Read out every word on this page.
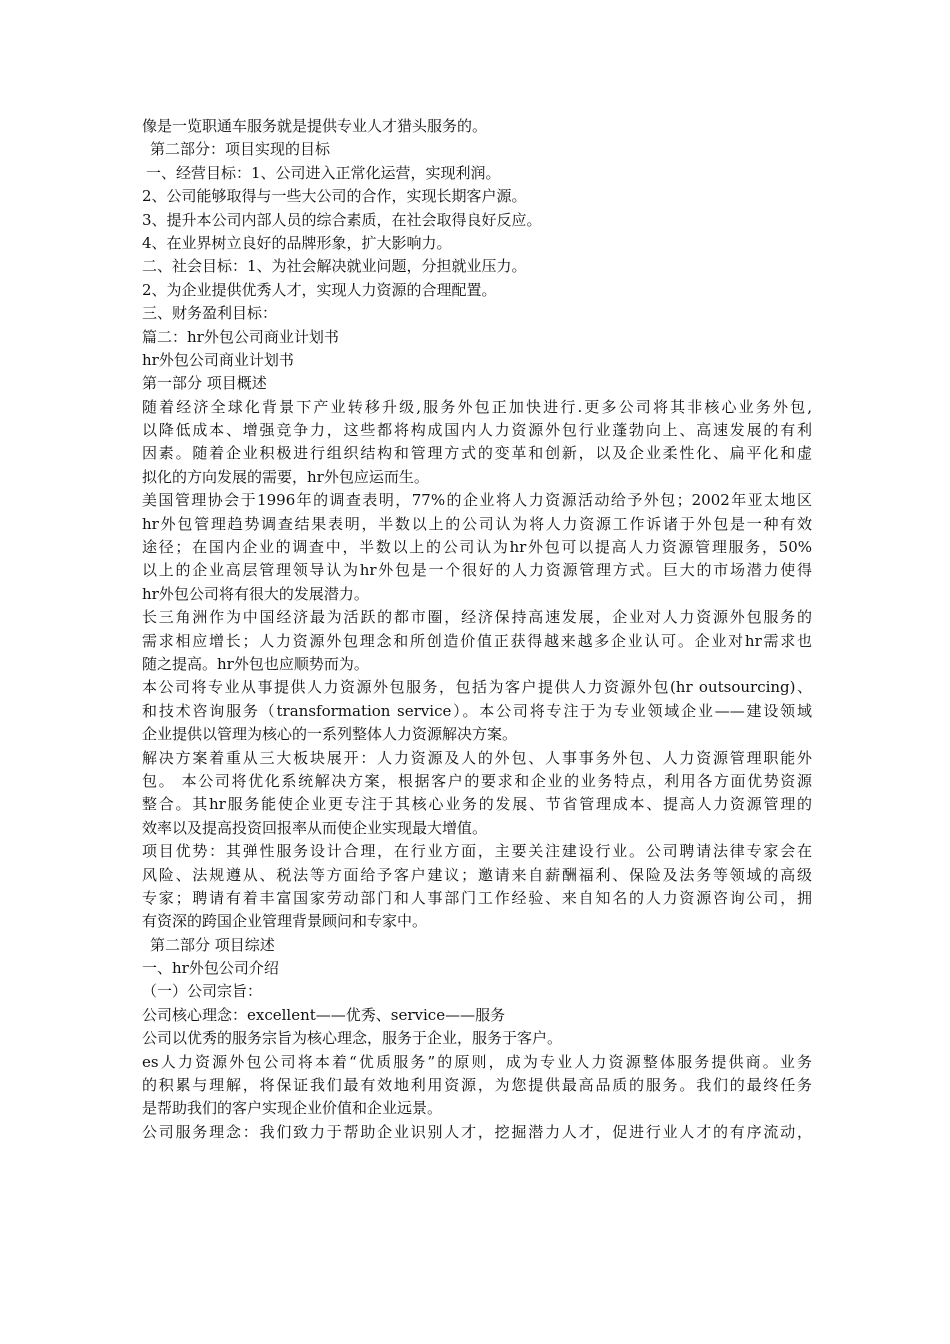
像是一览职通车服务就是提供专业人才猎头服务的。
第二部分：项目实现的目标
一、经营目标：1、公司进入正常化运营，实现利润。
2、公司能够取得与一些大公司的合作，实现长期客户源。
3、提升本公司内部人员的综合素质，在社会取得良好反应。
4、在业界树立良好的品牌形象，扩大影响力。
二、社会目标：1、为社会解决就业问题，分担就业压力。
2、为企业提供优秀人才，实现人力资源的合理配置。
三、财务盈利目标：
篇二：hr外包公司商业计划书
hr外包公司商业计划书
第一部分 项目概述
随着经济全球化背景下产业转移升级,服务外包正加快进行.更多公司将其非核心业务外包,
以降低成本、增强竞争力，这些都将构成国内人力资源外包行业蓬勃向上、高速发展的有利
因素。随着企业积极进行组织结构和管理方式的变革和创新，以及企业柔性化、扁平化和虚
拟化的方向发展的需要，hr外包应运而生。
美国管理协会于1996年的调查表明，77%的企业将人力资源活动给予外包；2002年亚太地区
hr外包管理趋势调查结果表明，半数以上的公司认为将人力资源工作诉诸于外包是一种有效
途径；在国内企业的调查中，半数以上的公司认为hr外包可以提高人力资源管理服务，50%
以上的企业高层管理领导认为hr外包是一个很好的人力资源管理方式。巨大的市场潜力使得
hr外包公司将有很大的发展潜力。
长三角洲作为中国经济最为活跃的都市圈，经济保持高速发展，企业对人力资源外包服务的
需求相应增长；人力资源外包理念和所创造价值正获得越来越多企业认可。企业对hr需求也
随之提高。hr外包也应顺势而为。
本公司将专业从事提供人力资源外包服务，包括为客户提供人力资源外包(hr outsourcing)、
和技术咨询服务（transformation service）。本公司将专注于为专业领域企业——建设领域
企业提供以管理为核心的一系列整体人力资源解决方案。
解决方案着重从三大板块展开：人力资源及人的外包、人事事务外包、人力资源管理职能外
包。 本公司将优化系统解决方案，根据客户的要求和企业的业务特点，利用各方面优势资源
整合。其hr服务能使企业更专注于其核心业务的发展、节省管理成本、提高人力资源管理的
效率以及提高投资回报率从而使企业实现最大增值。
项目优势：其弹性服务设计合理，在行业方面，主要关注建设行业。公司聘请法律专家会在
风险、法规遵从、税法等方面给予客户建议；邀请来自薪酬福利、保险及法务等领域的高级
专家；聘请有着丰富国家劳动部门和人事部门工作经验、来自知名的人力资源咨询公司，拥
有资深的跨国企业管理背景顾问和专家中。
第二部分 项目综述
一、hr外包公司介绍
（一）公司宗旨：
公司核心理念：excellent——优秀、service——服务
公司以优秀的服务宗旨为核心理念，服务于企业，服务于客户。
es人力资源外包公司将本着“优质服务”的原则，成为专业人力资源整体服务提供商。业务
的积累与理解，将保证我们最有效地利用资源，为您提供最高品质的服务。我们的最终任务
是帮助我们的客户实现企业价值和企业远景。
公司服务理念：我们致力于帮助企业识别人才，挖掘潜力人才，促进行业人才的有序流动，
